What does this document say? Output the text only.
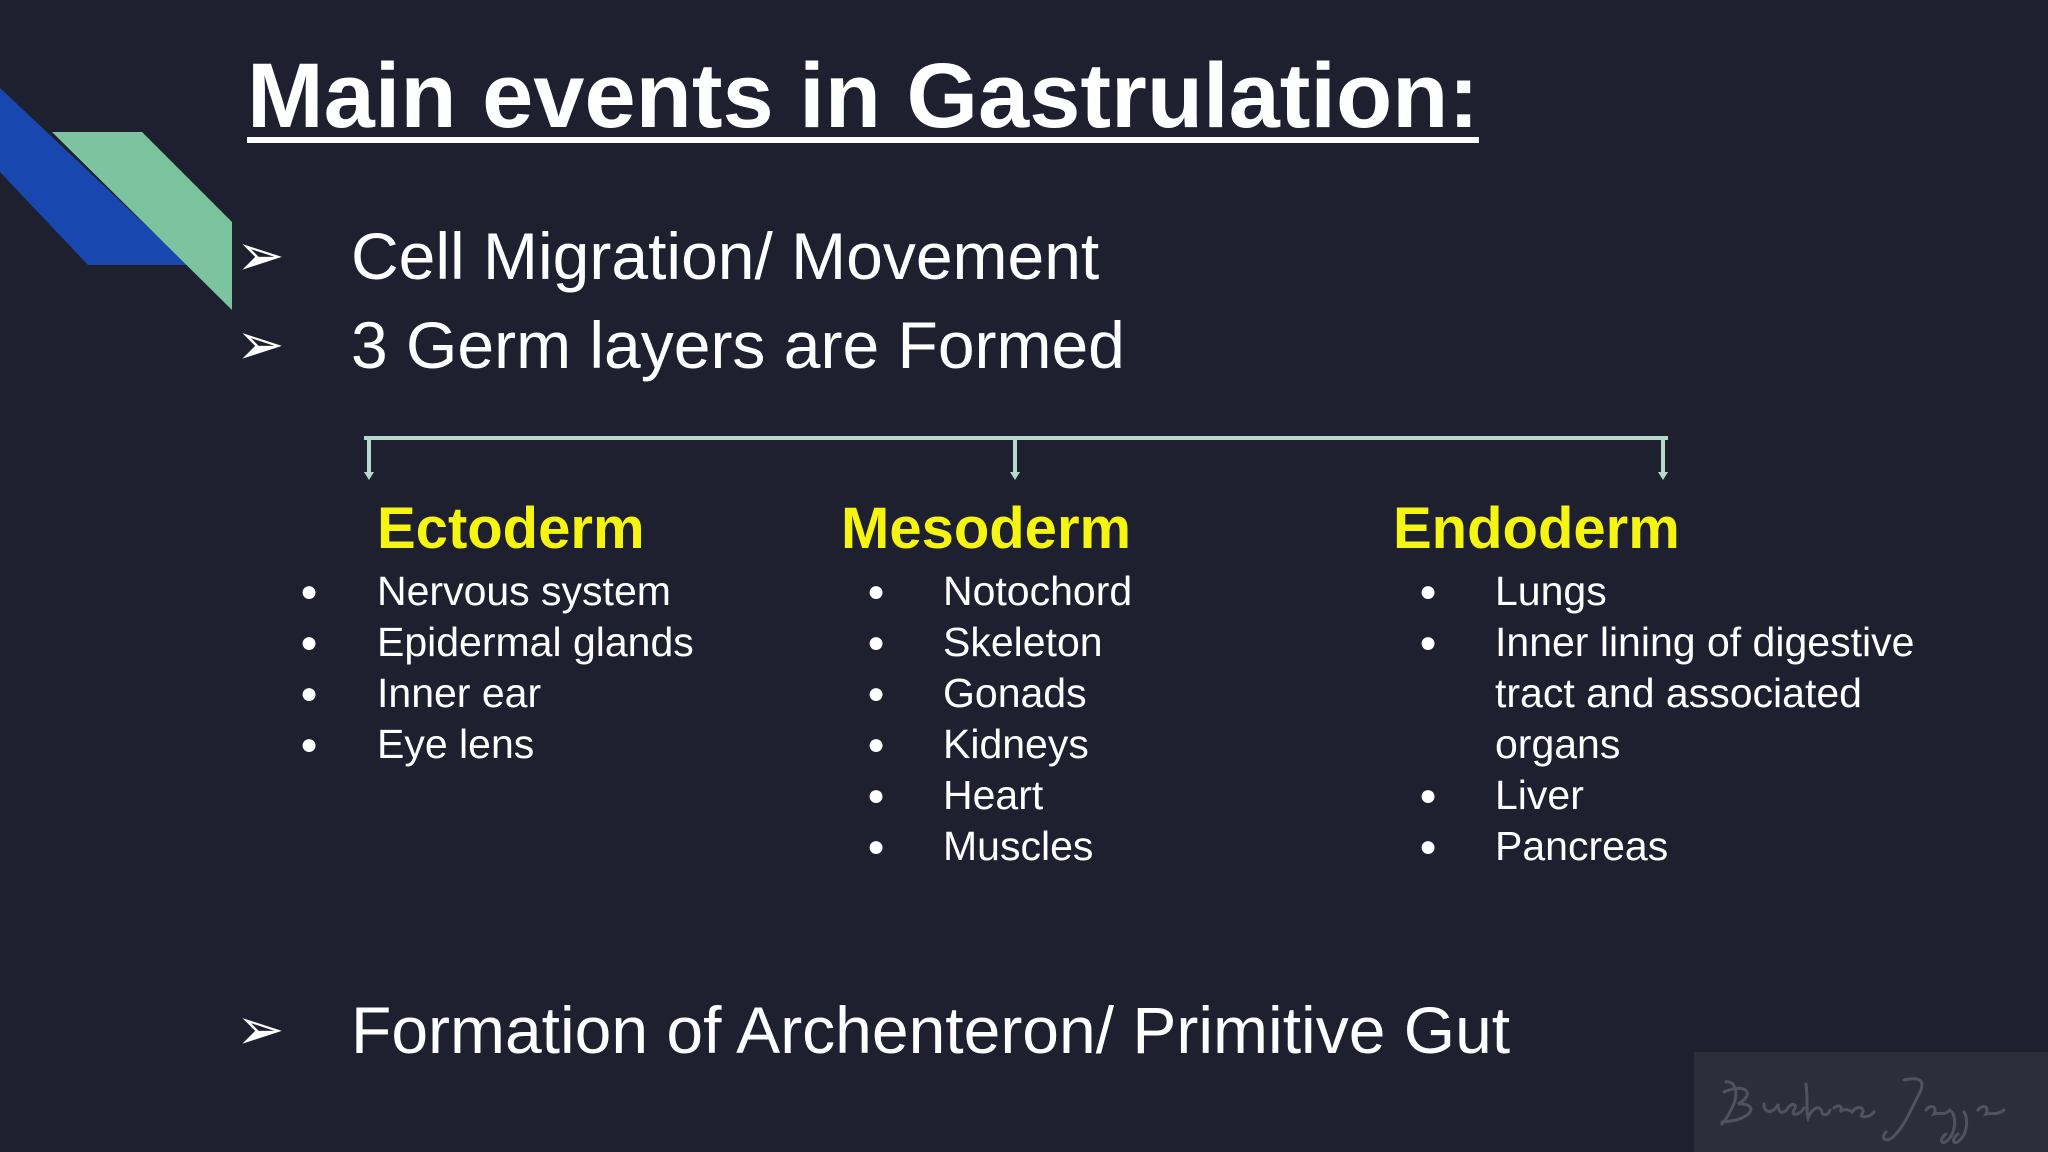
Main events in Gastrulation:
➢	Cell Migration/ Movement
➢	3 Germ layers are Formed
Ectoderm
● Nervous system
● Epidermal glands
● Inner ear
● Eye lens
Mesoderm
● Notochord
● Skeleton
● Gonads
● Kidneys
● Heart
● Muscles
Endoderm
● Lungs
● Inner lining of digestive
tract and associated
organs
● Liver
● Pancreas
➢	Formation of Archenteron/ Primitive Gut
